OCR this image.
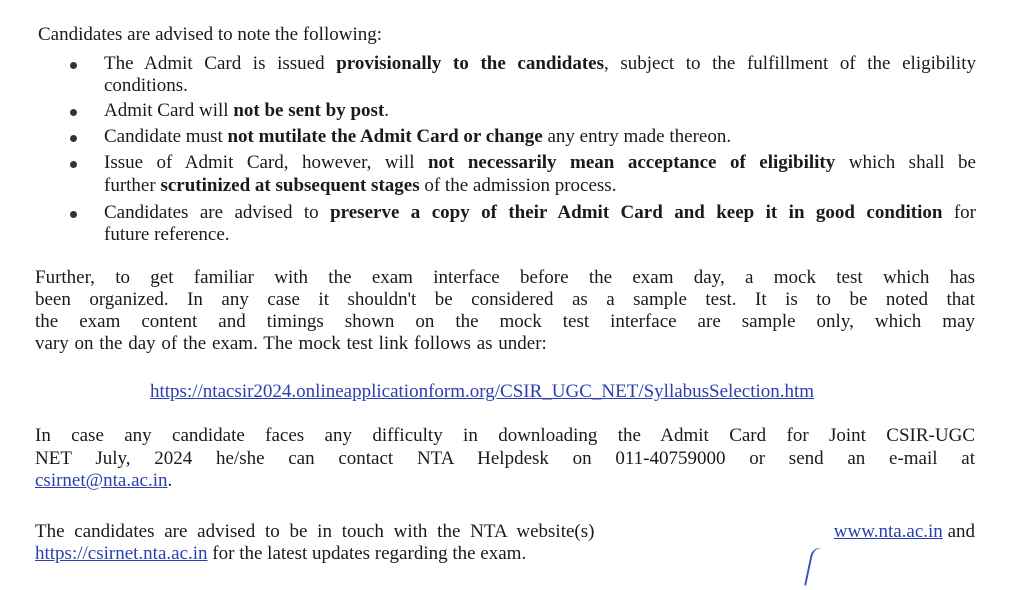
Candidates are advised to note the following:
The Admit Card is issued provisionally to the candidates, subject to the fulfillment of the eligibility
conditions.
Admit Card will not be sent by post.
Candidate must not mutilate the Admit Card or change any entry made thereon.
Issue of Admit Card, however, will not necessarily mean acceptance of eligibility which shall be
further scrutinized at subsequent stages of the admission process.
Candidates are advised to preserve a copy of their Admit Card and keep it in good condition for
future reference.
Further, to get familiar with the exam interface before the exam day, a mock test which has
been organized. In any case it shouldn't be considered as a sample test. It is to be noted that
the exam content and timings shown on the mock test interface are sample only, which may
vary on the day of the exam. The mock test link follows as under:
https://ntacsir2024.onlineapplicationform.org/CSIR_UGC_NET/SyllabusSelection.htm
In case any candidate faces any difficulty in downloading the Admit Card for Joint CSIR-UGC
NET July, 2024 he/she can contact NTA Helpdesk on 011-40759000 or send an e-mail at
csirnet@nta.ac.in.
The candidates are advised to be in touch with the NTA website(s)	www.nta.ac.in and
https://csirnet.nta.ac.in for the latest updates regarding the exam.
